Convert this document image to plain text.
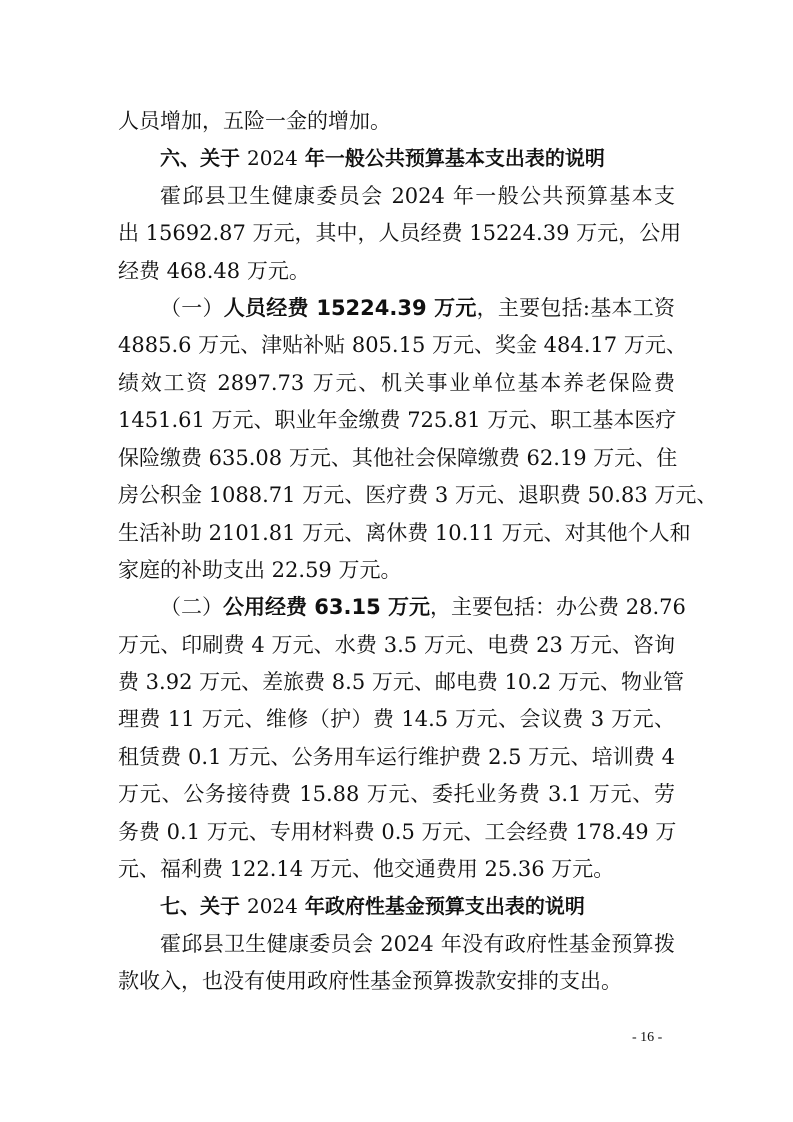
人员增加，五险一金的增加。
六、关于 2024 年一般公共预算基本支出表的说明
霍邱县卫生健康委员会 2024 年一般公共预算基本支
出 15692.87 万元，其中，人员经费 15224.39 万元，公用
经费 468.48 万元。
（一）人员经费 15224.39 万元，主要包括:基本工资
4885.6 万元、津贴补贴 805.15 万元、奖金 484.17 万元、
绩效工资 2897.73 万元、机关事业单位基本养老保险费
1451.61 万元、职业年金缴费 725.81 万元、职工基本医疗
保险缴费 635.08 万元、其他社会保障缴费 62.19 万元、住
房公积金 1088.71 万元、医疗费 3 万元、退职费 50.83 万元、
生活补助 2101.81 万元、离休费 10.11 万元、对其他个人和
家庭的补助支出 22.59 万元。
（二）公用经费 63.15 万元，主要包括：办公费 28.76
万元、印刷费 4 万元、水费 3.5 万元、电费 23 万元、咨询
费 3.92 万元、差旅费 8.5 万元、邮电费 10.2 万元、物业管
理费 11 万元、维修（护）费 14.5 万元、会议费 3 万元、
租赁费 0.1 万元、公务用车运行维护费 2.5 万元、培训费 4
万元、公务接待费 15.88 万元、委托业务费 3.1 万元、劳
务费 0.1 万元、专用材料费 0.5 万元、工会经费 178.49 万
元、福利费 122.14 万元、他交通费用 25.36 万元。
七、关于 2024 年政府性基金预算支出表的说明
霍邱县卫生健康委员会 2024 年没有政府性基金预算拨
款收入，也没有使用政府性基金预算拨款安排的支出。
- 16 -
